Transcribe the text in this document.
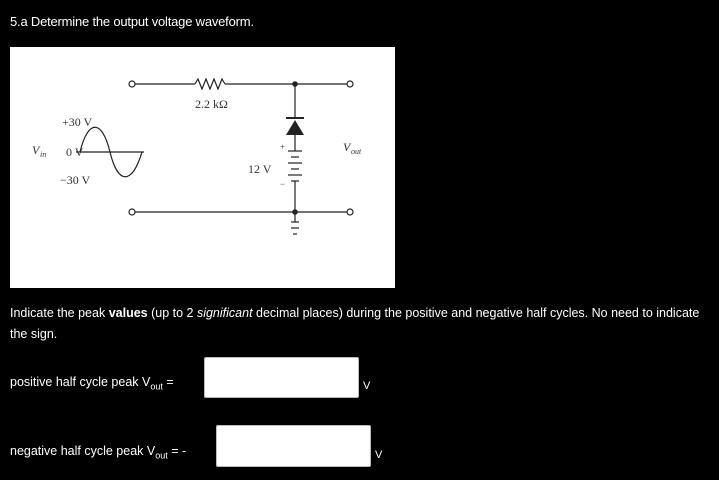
5.a Determine the output voltage waveform.
2.2 kΩ
+30 V
0 V
−30 V
V in
V out
12 V
+
−
Indicate the peak values (up to 2 significant decimal places) during the positive and negative half cycles. No need to indicate the sign.
positive half cycle peak $V_{out}$ =	V
negative half cycle peak $V_{out}$ = -	V
